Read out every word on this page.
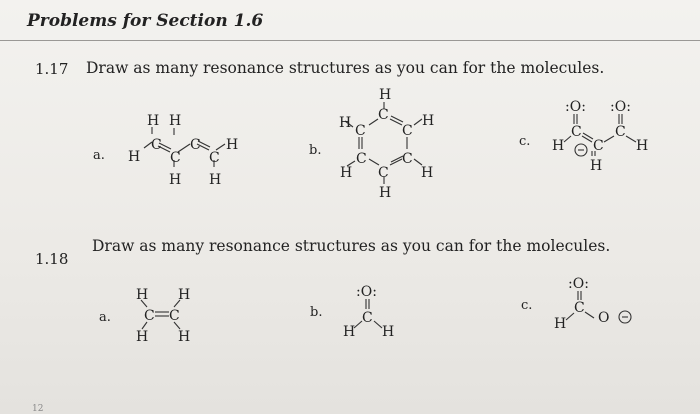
Problems for Section 1.6
1.17 Draw as many resonance structures as you can for the molecules.
a.	b.
c.
H
C
C
C
C
H
H H
H H
H
H C H
C	C
H
C	C
C H
H
:O: :O:
C C
H C H
H
1.18
Draw as many resonance structures as you can for the molecules.
a.	b.	c.
H H
C C
H H
:O:
C
H H
:O:
C
H O
12
